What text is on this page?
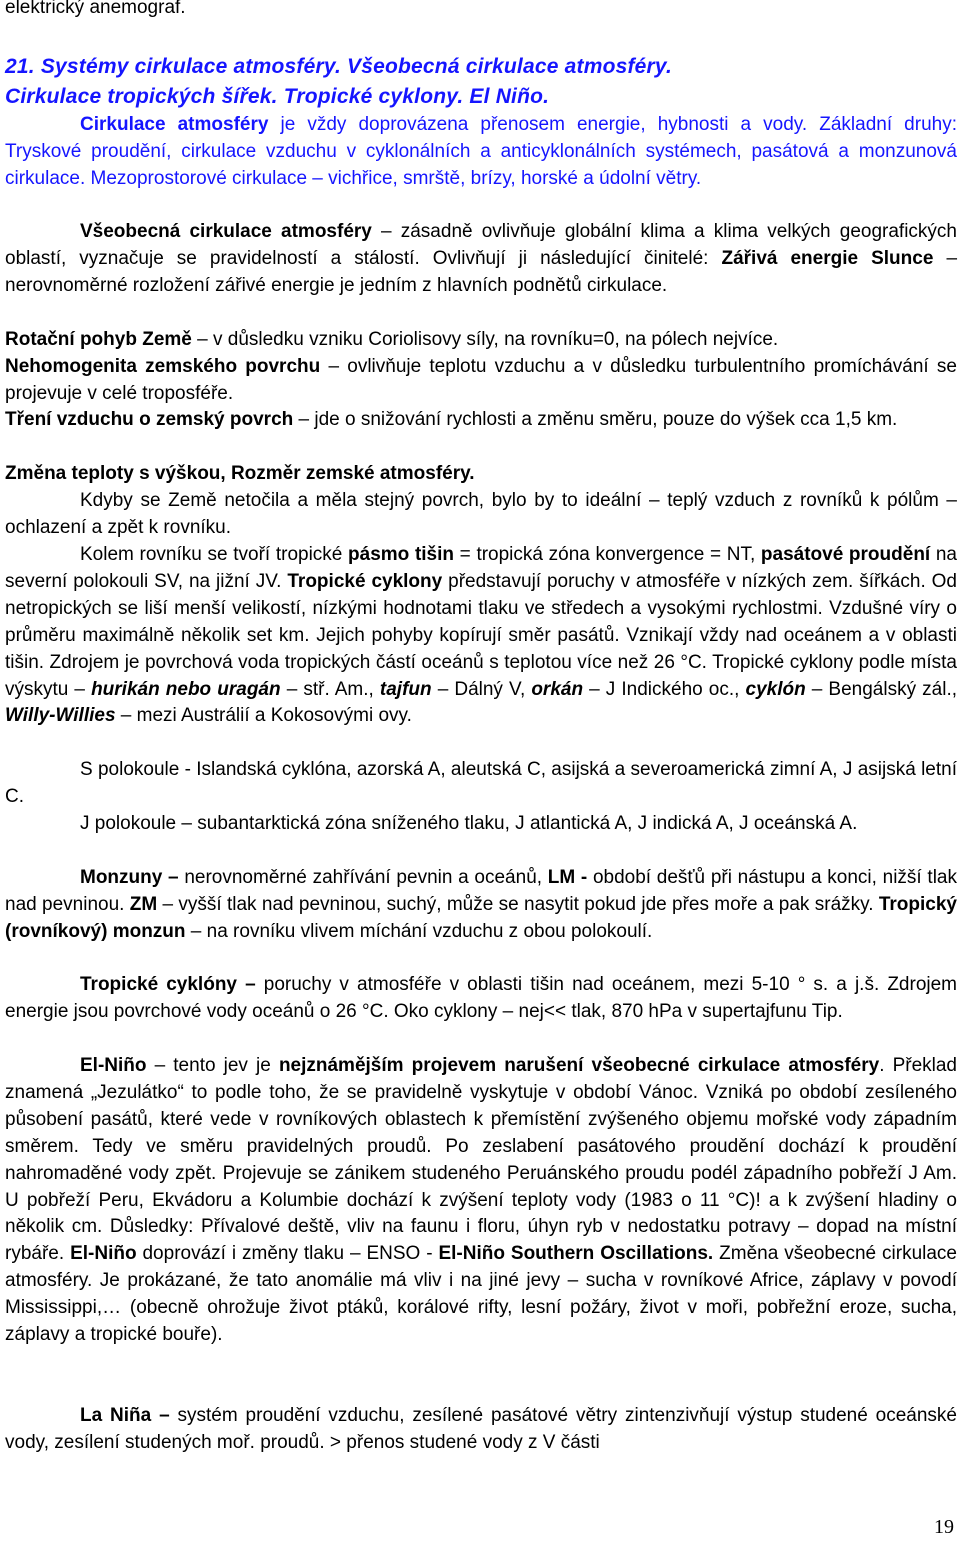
elektrický anemograf.

21. Systémy cirkulace atmosféry. Všeobecná cirkulace atmosféry.
Cirkulace tropických šířek. Tropické cyklony. El Niño.

Cirkulace atmosféry je vždy doprovázena přenosem energie, hybnosti a vody. Základní druhy: Tryskové proudění, cirkulace vzduchu v cyklonálních a anticyklonálních systémech, pasátová a monzunová cirkulace. Mezoprostorové cirkulace – vichřice, smrště, brízy, horské a údolní větry.

Všeobecná cirkulace atmosféry – zásadně ovlivňuje globální klima a klima velkých geografických oblastí, vyznačuje se pravidelností a stálostí. Ovlivňují ji následující činitelé: Zářivá energie Slunce – nerovnoměrné rozložení zářivé energie je jedním z hlavních podnětů cirkulace.

Rotační pohyb Země – v důsledku vzniku Coriolisovy síly, na rovníku=0, na pólech nejvíce.

Nehomogenita zemského povrchu – ovlivňuje teplotu vzduchu a v důsledku turbulentního promíchávání se projevuje v celé troposféře.

Tření vzduchu o zemský povrch – jde o snižování rychlosti a změnu směru, pouze do výšek cca 1,5 km.

Změna teploty s výškou, Rozměr zemské atmosféry.

Kdyby se Země netočila a měla stejný povrch, bylo by to ideální – teplý vzduch z rovníků k pólům – ochlazení a zpět k rovníku.

Kolem rovníku se tvoří tropické pásmo tišin = tropická zóna konvergence = NT, pasátové proudění na severní polokouli SV, na jižní JV. Tropické cyklony představují poruchy v atmosféře v nízkých zem. šířkách. Od netropických se liší menší velikostí, nízkými hodnotami tlaku ve středech a vysokými rychlostmi. Vzdušné víry o průměru maximálně několik set km. Jejich pohyby kopírují směr pasátů. Vznikají vždy nad oceánem a v oblasti tišin. Zdrojem je povrchová voda tropických částí oceánů s teplotou více než 26 °C. Tropické cyklony podle místa výskytu – hurikán nebo uragán – stř. Am., tajfun – Dálný V, orkán – J Indického oc., cyklón – Bengálský zál., Willy-Willies – mezi Austrálií a Kokosovými ovy.

S polokoule - Islandská cyklóna, azorská A, aleutská C, asijská a severoamerická zimní A, J asijská letní C.

J polokoule – subantarktická zóna sníženého tlaku, J atlantická A, J indická A, J oceánská A.

Monzuny – nerovnoměrné zahřívání pevnin a oceánů, LM - období dešťů při nástupu a konci, nižší tlak nad pevninou. ZM – vyšší tlak nad pevninou, suchý, může se nasytit pokud jde přes moře a pak srážky. Tropický (rovníkový) monzun – na rovníku vlivem míchání vzduchu z obou polokoulí.

Tropické cyklóny – poruchy v atmosféře v oblasti tišin nad oceánem, mezi 5-10 ° s. a j.š. Zdrojem energie jsou povrchové vody oceánů o 26 °C. Oko cyklony – nej<< tlak, 870 hPa v supertajfunu Tip.

El-Niño – tento jev je nejznámějším projevem narušení všeobecné cirkulace atmosféry. Překlad znamená „Jezulátko“ to podle toho, že se pravidelně vyskytuje v období Vánoc. Vzniká po období zesíleného působení pasátů, které vede v rovníkových oblastech k přemístění zvýšeného objemu mořské vody západním směrem. Tedy ve směru pravidelných proudů. Po zeslabení pasátového proudění dochází k proudění nahromaděné vody zpět. Projevuje se zánikem studeného Peruánského proudu podél západního pobřeží J Am. U pobřeží Peru, Ekvádoru a Kolumbie dochází k zvýšení teploty vody (1983 o 11 °C)! a k zvýšení hladiny o několik cm. Důsledky: Přívalové deště, vliv na faunu i floru, úhyn ryb v nedostatku potravy – dopad na místní rybáře. El-Niño doprovází i změny tlaku – ENSO - El-Niño Southern Oscillations. Změna všeobecné cirkulace atmosféry. Je prokázané, že tato anomálie má vliv i na jiné jevy – sucha v rovníkové Africe, záplavy v povodí Mississippi,… (obecně ohrožuje život ptáků, korálové rifty, lesní požáry, život v moři, pobřežní eroze, sucha, záplavy a tropické bouře).

La Niña – systém proudění vzduchu, zesílené pasátové větry zintenzivňují výstup studené oceánské vody, zesílení studených moř. proudů. > přenos studené vody z V části

19
